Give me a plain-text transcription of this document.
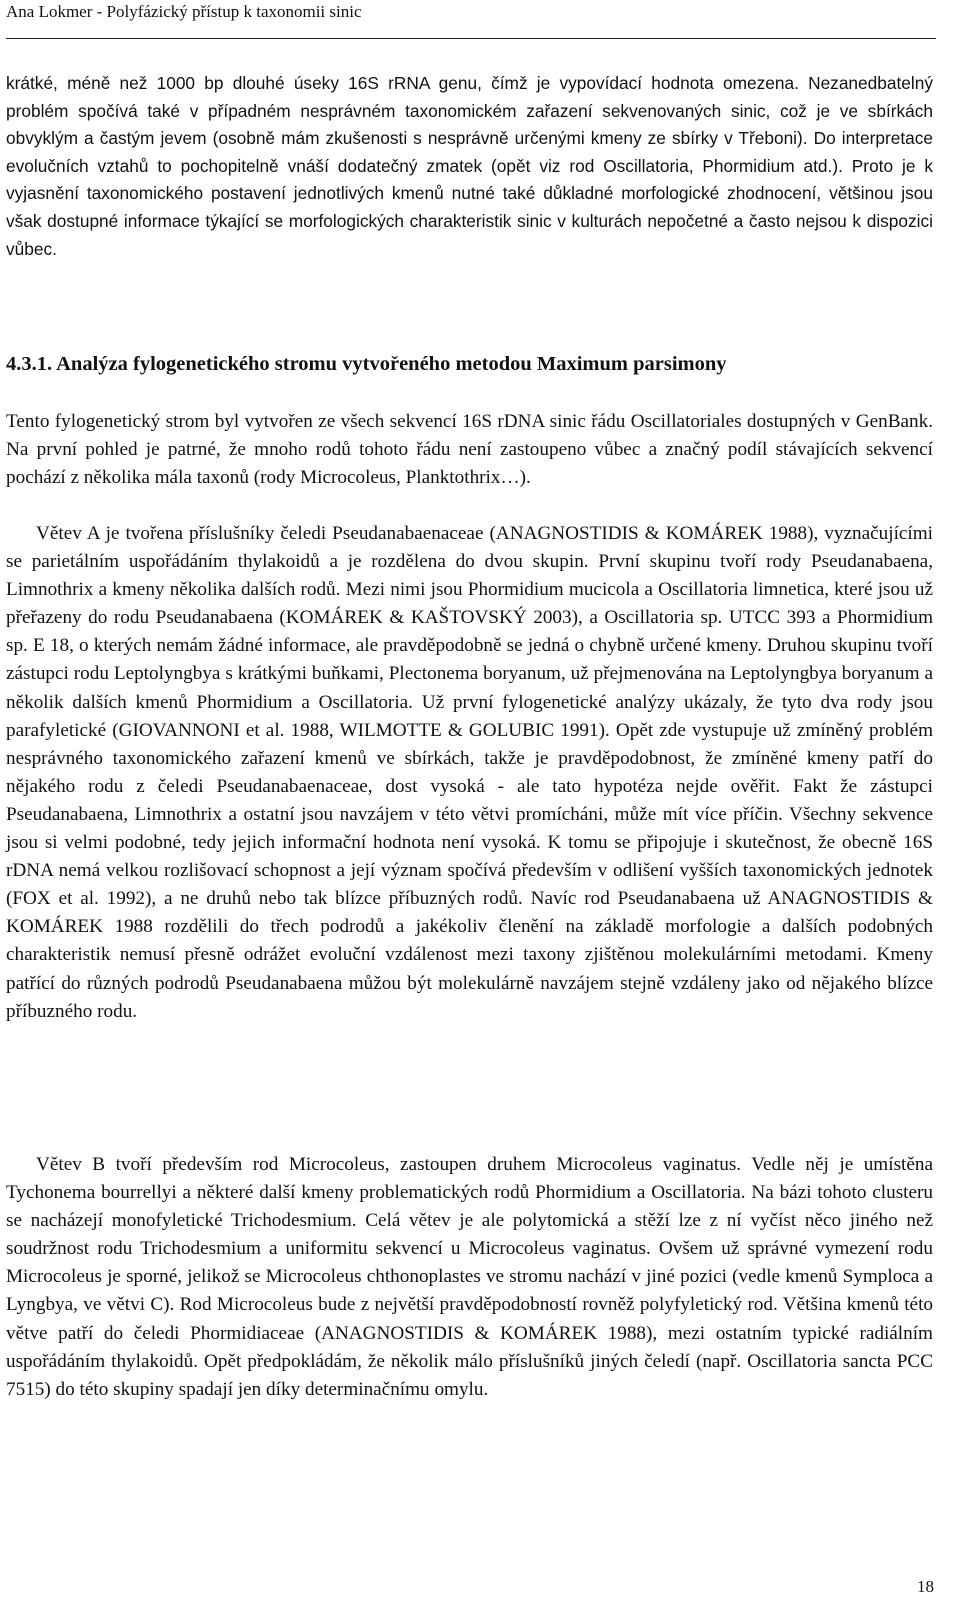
Ana Lokmer - Polyfázický přístup k taxonomii sinic

krátké, méně než 1000 bp dlouhé úseky 16S rRNA genu, čímž je vypovídací hodnota omezena. Nezanedbatelný problém spočívá také v případném nesprávném taxonomickém zařazení sekvenovaných sinic, což je ve sbírkách obvyklým a častým jevem (osobně mám zkušenosti s nesprávně určenými kmeny ze sbírky v Třeboni). Do interpretace evolučních vztahů to pochopitelně vnáší dodatečný zmatek (opět viz rod Oscillatoria, Phormidium atd.). Proto je k vyjasnění taxonomického postavení jednotlivých kmenů nutné také důkladné morfologické zhodnocení, většinou jsou však dostupné informace týkající se morfologických charakteristik sinic v kulturách nepočetné a často nejsou k dispozici vůbec.

4.3.1. Analýza fylogenetického stromu vytvořeného metodou Maximum parsimony

Tento fylogenetický strom byl vytvořen ze všech sekvencí 16S rDNA sinic řádu Oscillatoriales dostupných v GenBank. Na první pohled je patrné, že mnoho rodů tohoto řádu není zastoupeno vůbec a značný podíl stávajících sekvencí pochází z několika mála taxonů (rody Microcoleus, Planktothrix…).

Větev A je tvořena příslušníky čeledi Pseudanabaenaceae (ANAGNOSTIDIS & KOMÁREK 1988), vyznačujícími se parietálním uspořádáním thylakoidů a je rozdělena do dvou skupin. První skupinu tvoří rody Pseudanabaena, Limnothrix a kmeny několika dalších rodů. Mezi nimi jsou Phormidium mucicola a Oscillatoria limnetica, které jsou už přeřazeny do rodu Pseudanabaena (KOMÁREK & KAŠTOVSKÝ 2003), a Oscillatoria sp. UTCC 393 a Phormidium sp. E 18, o kterých nemám žádné informace, ale pravděpodobně se jedná o chybně určené kmeny. Druhou skupinu tvoří zástupci rodu Leptolyngbya s krátkými buňkami, Plectonema boryanum, už přejmenována na Leptolyngbya boryanum a několik dalších kmenů Phormidium a Oscillatoria. Už první fylogenetické analýzy ukázaly, že tyto dva rody jsou parafyletické (GIOVANNONI et al. 1988, WILMOTTE & GOLUBIC 1991). Opět zde vystupuje už zmíněný problém nesprávného taxonomického zařazení kmenů ve sbírkách, takže je pravděpodobnost, že zmíněné kmeny patří do nějakého rodu z čeledi Pseudanabaenaceae, dost vysoká - ale tato hypotéza nejde ověřit. Fakt že zástupci Pseudanabaena, Limnothrix a ostatní jsou navzájem v této větvi promícháni, může mít více příčin. Všechny sekvence jsou si velmi podobné, tedy jejich informační hodnota není vysoká. K tomu se připojuje i skutečnost, že obecně 16S rDNA nemá velkou rozlišovací schopnost a její význam spočívá především v odlišení vyšších taxonomických jednotek (FOX et al. 1992), a ne druhů nebo tak blízce příbuzných rodů. Navíc rod Pseudanabaena už ANAGNOSTIDIS & KOMÁREK 1988 rozdělili do třech podrodů a jakékoliv členění na základě morfologie a dalších podobných charakteristik nemusí přesně odrážet evoluční vzdálenost mezi taxony zjištěnou molekulárními metodami. Kmeny patřící do různých podrodů Pseudanabaena můžou být molekulárně navzájem stejně vzdáleny jako od nějakého blízce příbuzného rodu.

Větev B tvoří především rod Microcoleus, zastoupen druhem Microcoleus vaginatus. Vedle něj je umístěna Tychonema bourrellyi a některé další kmeny problematických rodů Phormidium a Oscillatoria. Na bázi tohoto clusteru se nacházejí monofyletické Trichodesmium. Celá větev je ale polytomická a stěží lze z ní vyčíst něco jiného než soudržnost rodu Trichodesmium a uniformitu sekvencí u Microcoleus vaginatus. Ovšem už správné vymezení rodu Microcoleus je sporné, jelikož se Microcoleus chthonoplastes ve stromu nachází v jiné pozici (vedle kmenů Symploca a Lyngbya, ve větvi C). Rod Microcoleus bude z největší pravděpodobností rovněž polyfyletický rod. Většina kmenů této větve patří do čeledi Phormidiaceae (ANAGNOSTIDIS & KOMÁREK 1988), mezi ostatním typické radiálním uspořádáním thylakoidů. Opět předpokládám, že několik málo příslušníků jiných čeledí (např. Oscillatoria sancta PCC 7515) do této skupiny spadají jen díky determinačnímu omylu.

18
